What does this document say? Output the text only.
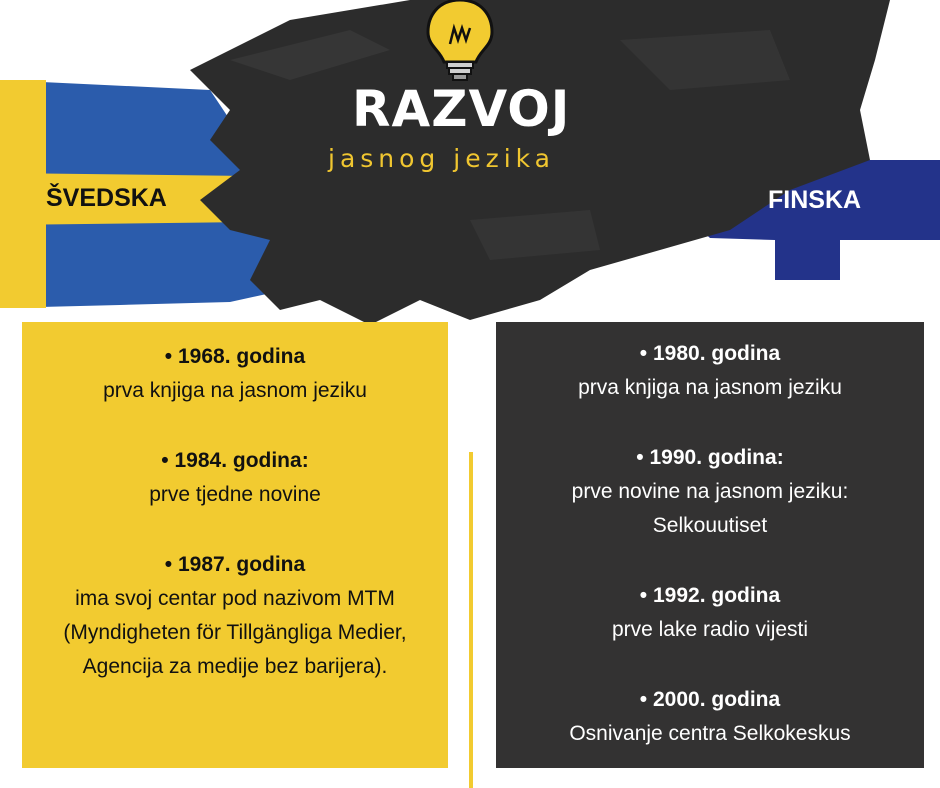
RAZVOJ
jasnog jezika
ŠVEDSKA	FINSKA
• 1968. godina
prva knjiga na jasnom jeziku
• 1984. godina:
prve tjedne novine
• 1987. godina
ima svoj centar pod nazivom MTM
(Myndigheten för Tillgängliga Medier,
Agencija za medije bez barijera).
• 1980. godina
prva knjiga na jasnom jeziku
• 1990. godina:
prve novine na jasnom jeziku:
Selkouutiset
• 1992. godina
prve lake radio vijesti
• 2000. godina
Osnivanje centra Selkokeskus
